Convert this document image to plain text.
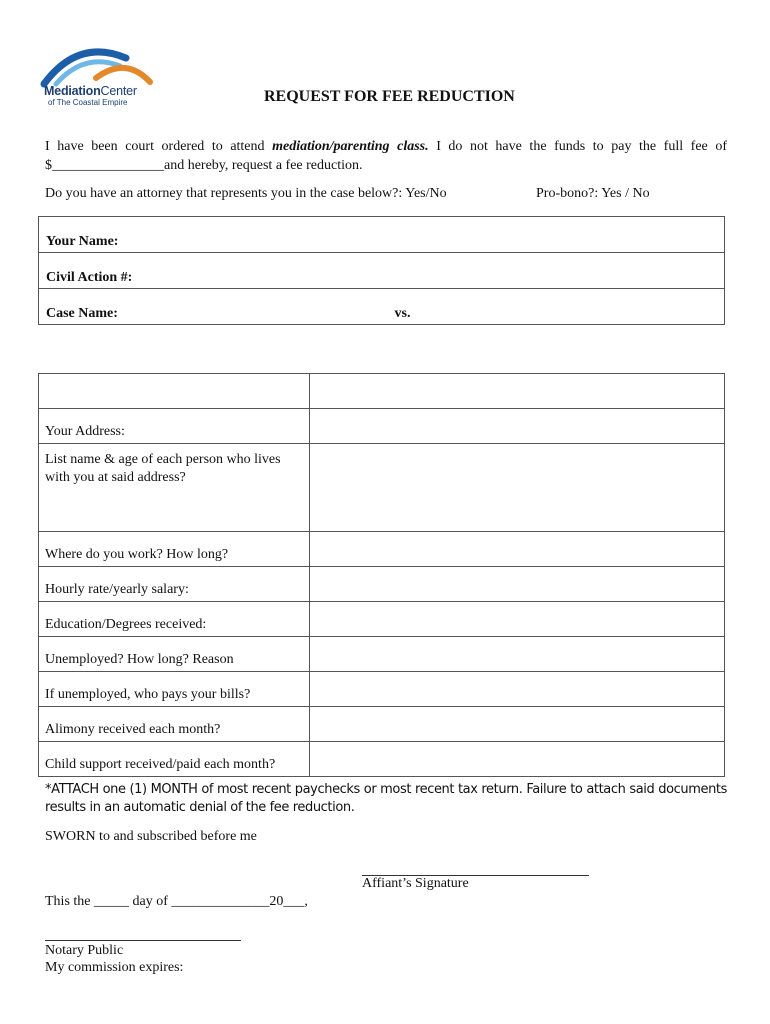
MediationCenter
of The Coastal Empire	REQUEST FOR FEE REDUCTION
I have been court ordered to attend mediation/parenting class. I do not have the funds to pay the full fee of $________________and hereby, request a fee reduction.
Do you have an attorney that represents you in the case below?: Yes/No	Pro-bono?: Yes / No
Your Name:
Civil Action #:
Case Name:	vs.

Your Address:	

List name & age of each person who lives with you at said address?	

Where do you work? How long?	

Hourly rate/yearly salary:	

Education/Degrees received:	

Unemployed? How long? Reason	

If unemployed, who pays your bills?	

Alimony received each month?	

Child support received/paid each month?	

*ATTACH one (1) MONTH of most recent paychecks or most recent tax return. Failure to attach said documents results in an automatic denial of the fee reduction.
SWORN to and subscribed before me
Affiant’s Signature
This the _____ day of ______________20___,
Notary Public
My commission expires:
